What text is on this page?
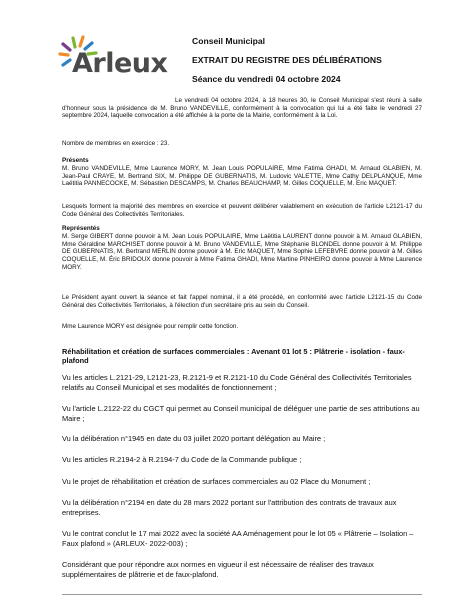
Arleux
Conseil Municipal
EXTRAIT DU REGISTRE DES DÉLIBÉRATIONS
Séance du vendredi 04 octobre 2024
Le vendredi 04 octobre 2024, à 18 heures 30, le Conseil Municipal s'est réuni à salle d'honneur sous la présidence de M. Bruno VANDEVILLE, conformément à la convocation qui lui a été faite le vendredi 27 septembre 2024, laquelle convocation a été affichée à la porte de la Mairie, conformément à la Loi.
Nombre de membres en exercice : 23.
Présents
M. Bruno VANDEVILLE, Mme Laurence MORY, M. Jean Louis POPULAIRE, Mme Fatima GHADI, M. Arnaud GLABIEN, M. Jean-Paul CRAYE, M. Bertrand SIX, M. Philippe DE GUBERNATIS, M. Ludovic VALETTE, Mme Cathy DELPLANQUE, Mme Laëtitia PANNECOCKE, M. Sébastien DESCAMPS, M. Charles BEAUCHAMP, M. Gilles COQUELLE, M. Eric MAQUET.
Lesquels forment la majorité des membres en exercice et peuvent délibérer valablement en exécution de l'article L2121-17 du Code Général des Collectivités Territoriales.
Représentés
M. Serge GIBERT donne pouvoir à M. Jean Louis POPULAIRE, Mme Laëtitia LAURENT donne pouvoir à M. Arnaud GLABIEN, Mme Géraldine MARCHISET donne pouvoir à M. Bruno VANDEVILLE, Mme Stéphanie BLONDEL donne pouvoir à M. Philippe DE GUBERNATIS, M. Bertrand MERLIN donne pouvoir à M. Eric MAQUET, Mme Sophie LEFEBVRE donne pouvoir à M. Gilles COQUELLE, M. Éric BRIDOUX donne pouvoir à Mme Fatima GHADI, Mme Martine PINHEIRO donne pouvoir à Mme Laurence MORY.
Le Président ayant ouvert la séance et fait l'appel nominal, il a été procédé, en conformité avec l'article L2121-15 du Code Général des Collectivités Territoriales, à l'élection d'un secrétaire pris au sein du Conseil.
Mme Laurence MORY est désignée pour remplir cette fonction.
Réhabilitation et création de surfaces commerciales : Avenant 01 lot 5 : Plâtrerie - isolation - faux-plafond
Vu les articles L.2121-29, L2121-23, R.2121-9 et R.2121-10 du Code Général des Collectivités Territoriales relatifs au Conseil Municipal et ses modalités de fonctionnement ;
Vu l'article L.2122-22 du CGCT qui permet au Conseil municipal de déléguer une partie de ses attributions au Maire ;
Vu la délibération n°1945 en date du 03 juillet 2020 portant délégation au Maire ;
Vu les articles R.2194-2 à R.2194-7 du Code de la Commande publique ;
Vu le projet de réhabilitation et création de surfaces commerciales au 02 Place du Monument ;
Vu la délibération n°2194 en date du 28 mars 2022 portant sur l'attribution des contrats de travaux aux entreprises.
Vu le contrat conclut le 17 mai 2022 avec la société AA Aménagement pour le lot 05 « Plâtrerie – Isolation – Faux plafond » (ARLEUX- 2022-003) ;
Considérant que pour répondre aux normes en vigueur il est nécessaire de réaliser des travaux supplémentaires de plâtrerie et de faux-plafond.
